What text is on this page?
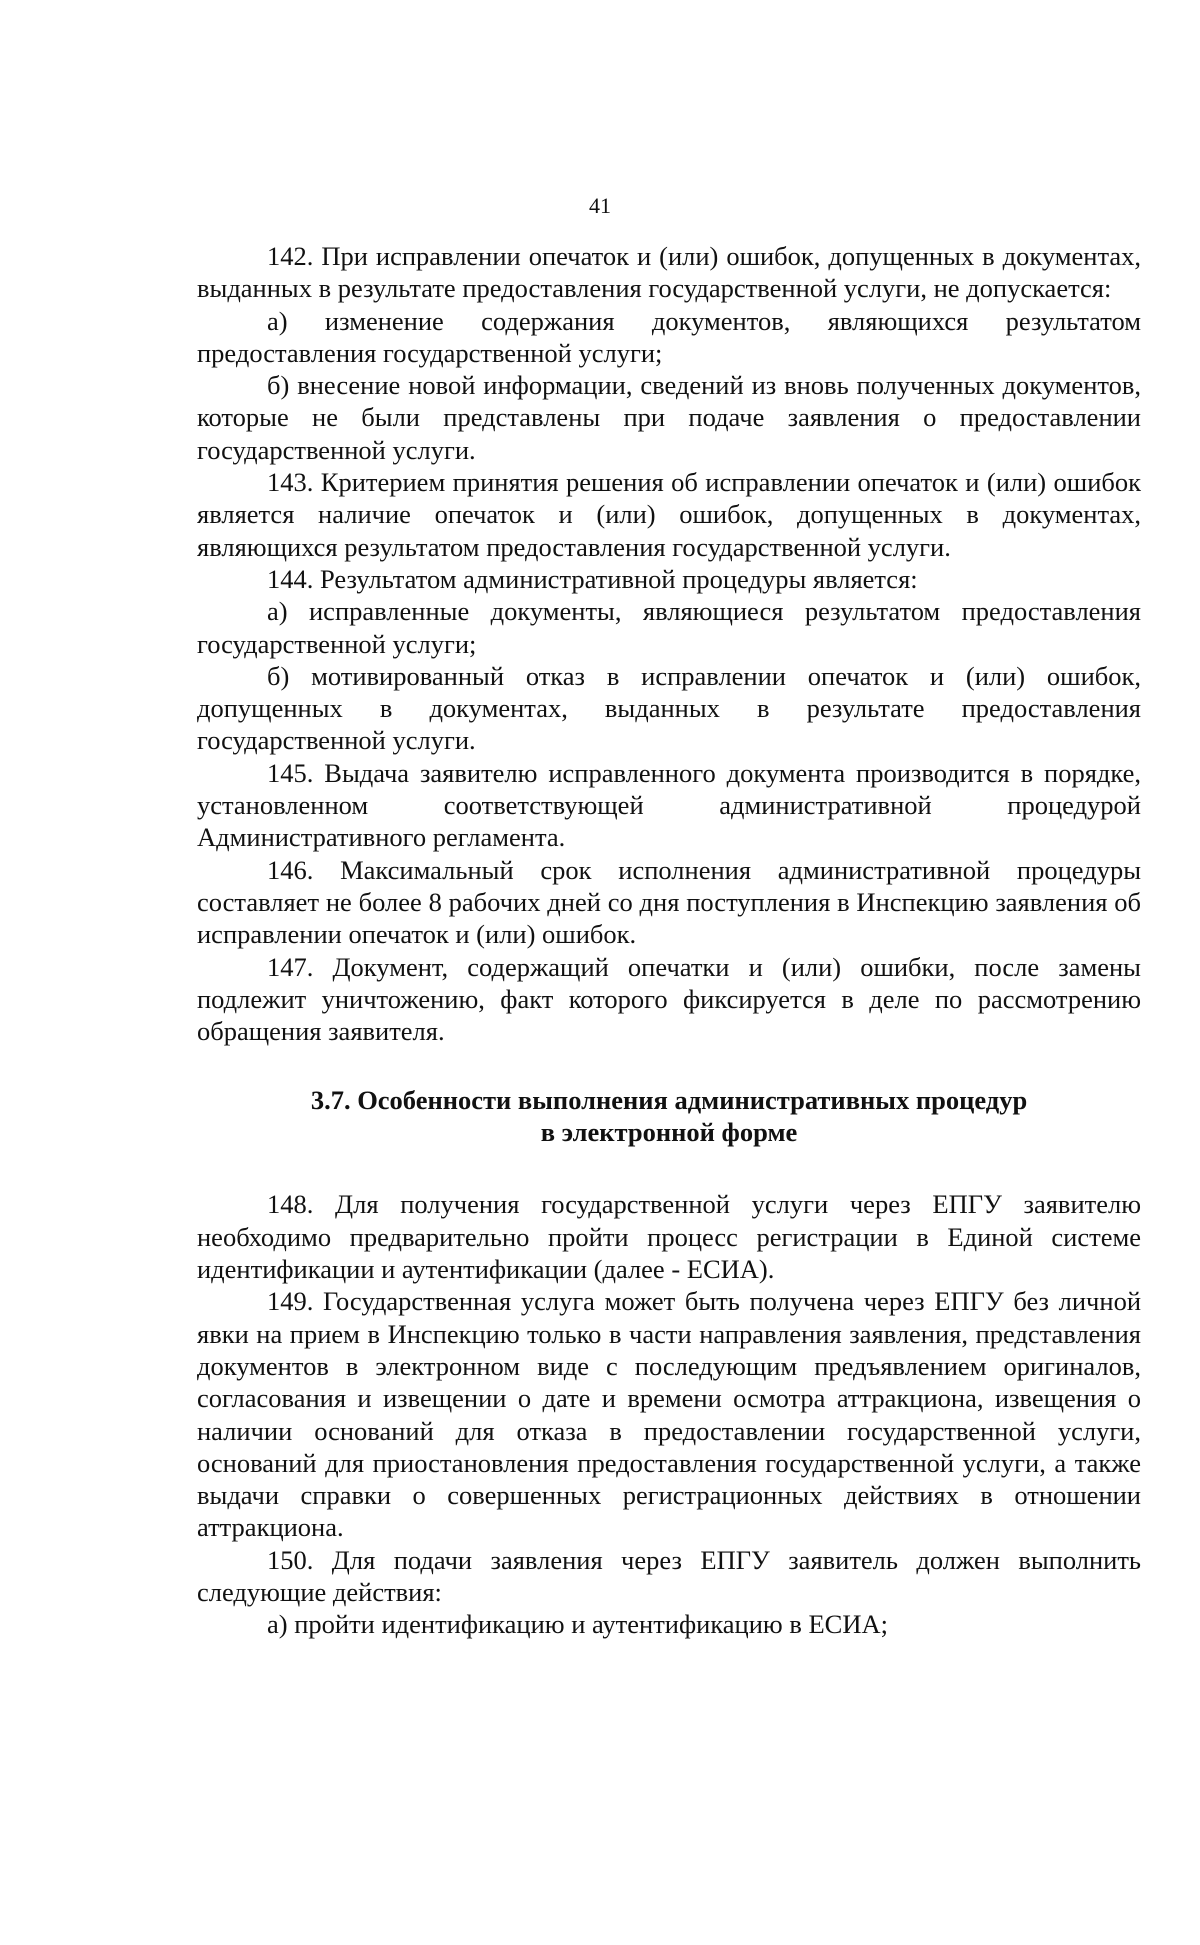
41

142. При исправлении опечаток и (или) ошибок, допущенных в документах, выданных в результате предоставления государственной услуги, не допускается:

а) изменение содержания документов, являющихся результатом предоставления государственной услуги;

б) внесение новой информации, сведений из вновь полученных документов, которые не были представлены при подаче заявления о предоставлении государственной услуги.

143. Критерием принятия решения об исправлении опечаток и (или) ошибок является наличие опечаток и (или) ошибок, допущенных в документах, являющихся результатом предоставления государственной услуги.

144. Результатом административной процедуры является:

а) исправленные документы, являющиеся результатом предоставления государственной услуги;

б) мотивированный отказ в исправлении опечаток и (или) ошибок, допущенных в документах, выданных в результате предоставления государственной услуги.

145. Выдача заявителю исправленного документа производится в порядке, установленном соответствующей административной процедурой Административного регламента.

146. Максимальный срок исполнения административной процедуры составляет не более 8 рабочих дней со дня поступления в Инспекцию заявления об исправлении опечаток и (или) ошибок.

147. Документ, содержащий опечатки и (или) ошибки, после замены подлежит уничтожению, факт которого фиксируется в деле по рассмотрению обращения заявителя.

3.7. Особенности выполнения административных процедур
в электронной форме

148. Для получения государственной услуги через ЕПГУ заявителю необходимо предварительно пройти процесс регистрации в Единой системе идентификации и аутентификации (далее - ЕСИА).

149. Государственная услуга может быть получена через ЕПГУ без личной явки на прием в Инспекцию только в части направления заявления, представления документов в электронном виде с последующим предъявлением оригиналов, согласования и извещении о дате и времени осмотра аттракциона, извещения о наличии оснований для отказа в предоставлении государственной услуги, оснований для приостановления предоставления государственной услуги, а также выдачи справки о совершенных регистрационных действиях в отношении аттракциона.

150. Для подачи заявления через ЕПГУ заявитель должен выполнить следующие действия:

а) пройти идентификацию и аутентификацию в ЕСИА;
